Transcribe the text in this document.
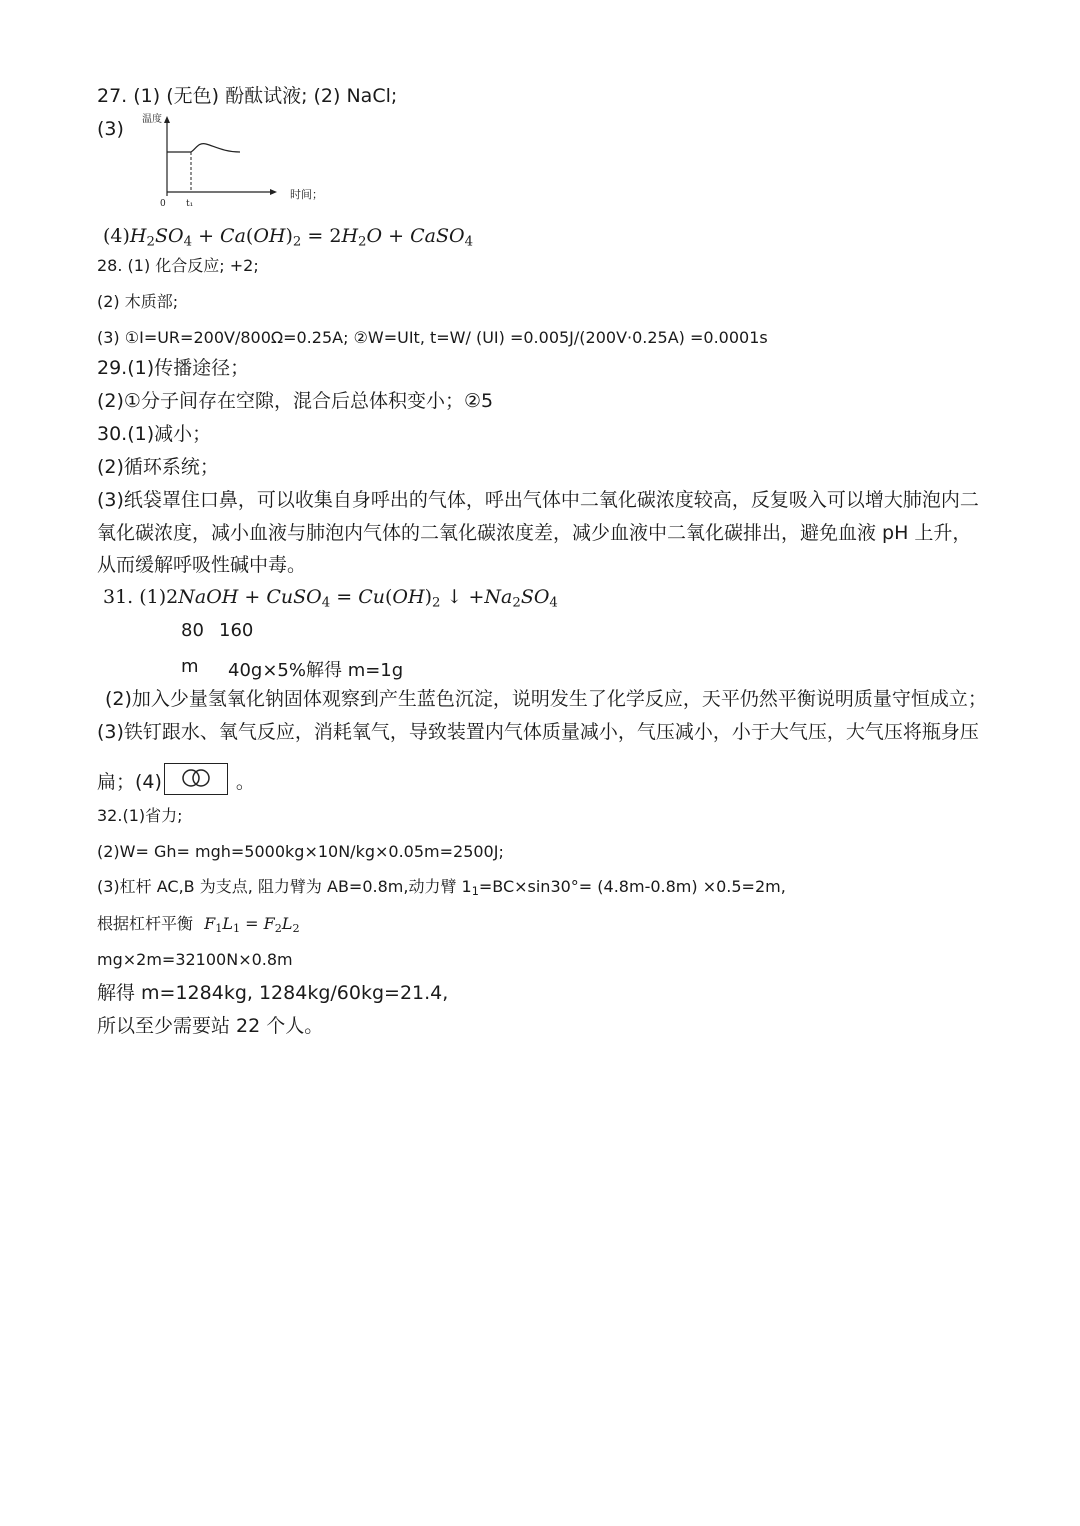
27. (1) (无色) 酚酞试液; (2) NaCl;
(3) 温度
0 t₁
时间；
$(4)H_2SO_4 + Ca(OH)_2 = 2H_2O$ + CaSO$_4$
28. (1) 化合反应; +2;
(2) 木质部;
(3) ①I=UR=200V/800Ω=0.25A; ②W=UIt, t=W/ (UI) =0.005J/(200V·0.25A) =0.0001s
29.(1)传播途径；
(2)①分子间存在空隙，混合后总体积变小；②5
30.(1)减小；
(2)循环系统；
(3)纸袋罩住口鼻，可以收集自身呼出的气体，呼出气体中二氧化碳浓度较高，反复吸入可以增大肺泡内二
氧化碳浓度，减小血液与肺泡内气体的二氧化碳浓度差，减少血液中二氧化碳排出，避免血液 pH 上升，
从而缓解呼吸性碱中毒。
31. (1)2NaOH + CuSO$_4$ = $Cu(OH)_2$ ↓ $+Na_2SO_4$
80 160
m 40g×5%解得 m=1g
(2)加入少量氢氧化钠固体观察到产生蓝色沉淀，说明发生了化学反应，天平仍然平衡说明质量守恒成立；
(3)铁钉跟水、氧气反应，消耗氧气，导致装置内气体质量减小，气压减小，小于大气压，大气压将瓶身压
扁；(4)	。
32.(1)省力;
(2)W= Gh= mgh=5000kg×10N/kg×0.05m=2500J;
(3)杠杆 AC,B 为支点, 阻力臂为 AB=0.8m,动力臂 $1_1=BC\times\sin 30^\circ= (4.8m-0.8m) \times 0.5=2m$,
根据杠杆平衡 $F_1L_1 = F_2L_2$
mg×2m=32100N×0.8m
解得 m=1284kg, 1284kg/60kg=21.4,
所以至少需要站 22 个人。
